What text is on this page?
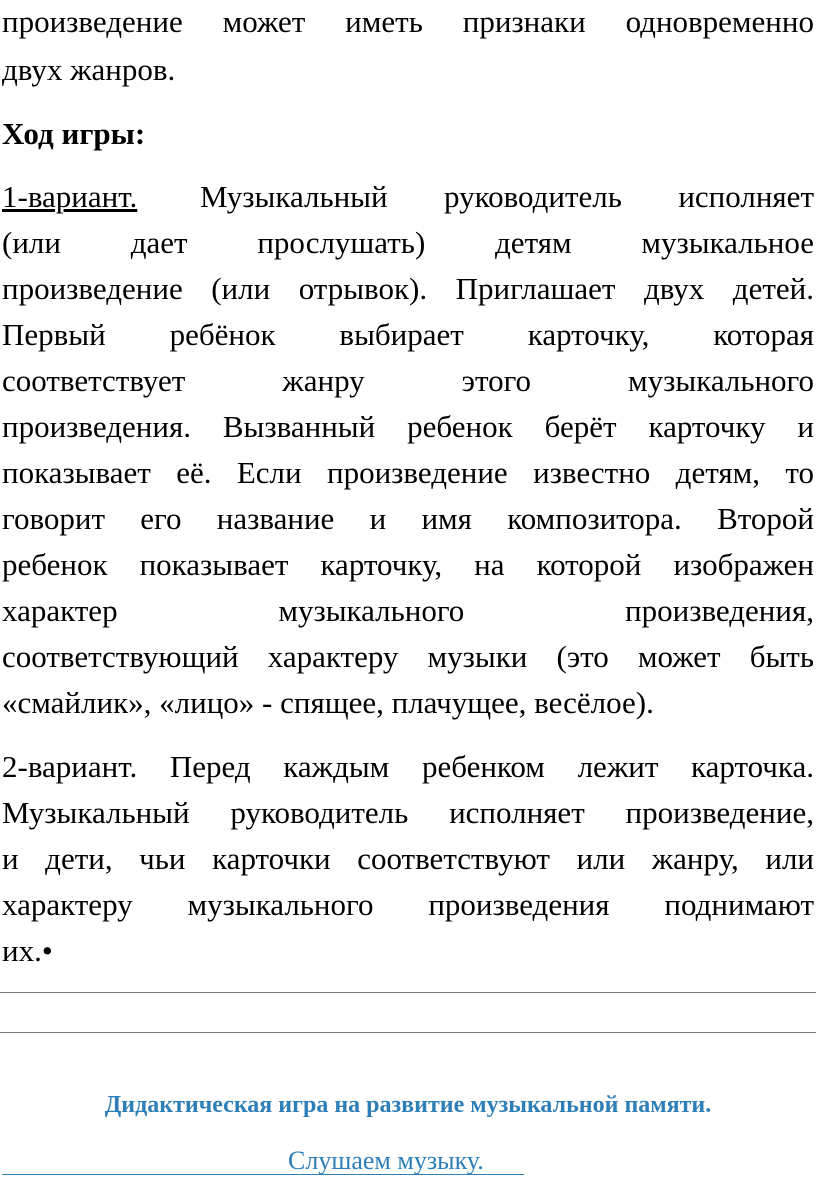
произведение может иметь признаки одновременно
двух жанров.
Ход игры:
1-вариант. Музыкальный руководитель исполняет
(или дает прослушать) детям музыкальное
произведение (или отрывок). Приглашает двух детей.
Первый ребёнок выбирает карточку, которая
соответствует жанру этого музыкального
произведения. Вызванный ребенок берёт карточку и
показывает её. Если произведение известно детям, то
говорит его название и имя композитора. Второй
ребенок показывает карточку, на которой изображен
характер музыкального произведения,
соответствующий характеру музыки (это может быть
«смайлик», «лицо» - спящее, плачущее, весёлое).
2-вариант. Перед каждым ребенком лежит карточка.
Музыкальный руководитель исполняет произведение,
и дети, чьи карточки соответствуют или жанру, или
характеру музыкального произведения поднимают
их.•
Дидактическая игра на развитие музыкальной памяти.
Слушаем музыку.
